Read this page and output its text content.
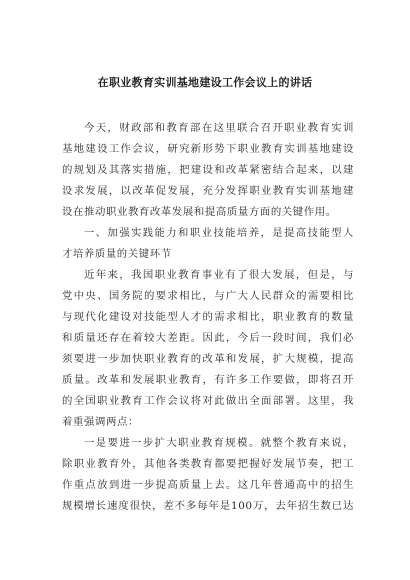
在职业教育实训基地建设工作会议上的讲话
今天，财政部和教育部在这里联合召开职业教育实训
基地建设工作会议，研究新形势下职业教育实训基地建设
的规划及其落实措施，把建设和改革紧密结合起来，以建
设求发展，以改革促发展，充分发挥职业教育实训基地建
设在推动职业教育改革发展和提高质量方面的关键作用。
一、加强实践能力和职业技能培养，是提高技能型人
才培养质量的关键环节
近年来，我国职业教育事业有了很大发展，但是，与
党中央、国务院的要求相比，与广大人民群众的需要相比
与现代化建设对技能型人才的需求相比，职业教育的数量
和质量还存在着较大差距。因此，今后一段时间，我们必
须要进一步加快职业教育的改革和发展，扩大规模，提高
质量。改革和发展职业教育，有许多工作要做，即将召开
的全国职业教育工作会议将对此做出全面部署。这里，我
着重强调两点：
一是要进一步扩大职业教育规模。就整个教育来说，
除职业教育外，其他各类教育都要把握好发展节奏，把工
作重点放到进一步提高质量上去。这几年普通高中的招生
规模增长速度很快，差不多每年是100万，去年招生数已达
